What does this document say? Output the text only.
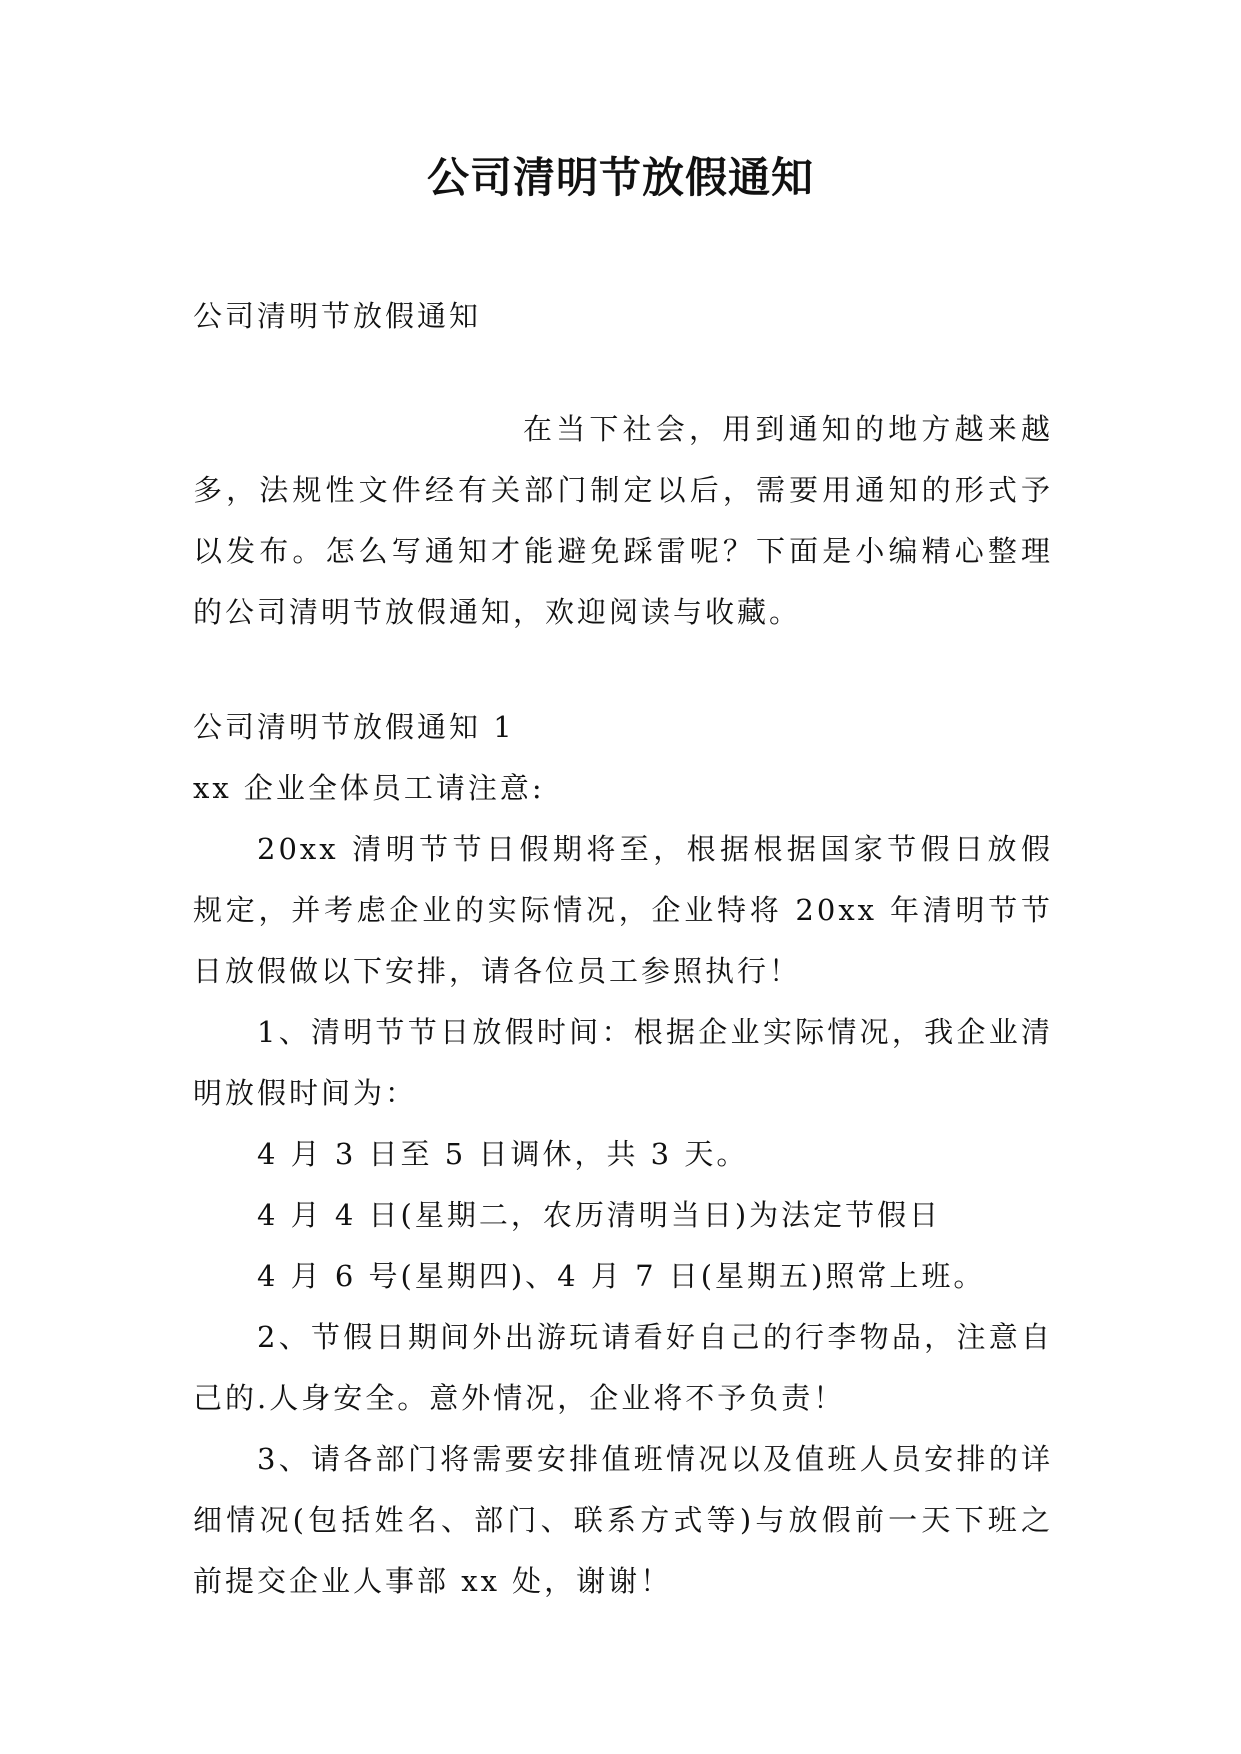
公司清明节放假通知

公司清明节放假通知

在当下社会，用到通知的地方越来越多，法规性文件经有关部门制定以后，需要用通知的形式予以发布。怎么写通知才能避免踩雷呢？下面是小编精心整理的公司清明节放假通知，欢迎阅读与收藏。

公司清明节放假通知 1

xx 企业全体员工请注意:

20xx 清明节节日假期将至，根据根据国家节假日放假规定，并考虑企业的实际情况，企业特将 20xx 年清明节节日放假做以下安排，请各位员工参照执行！

1、清明节节日放假时间：根据企业实际情况，我企业清明放假时间为：

4 月 3 日至 5 日调休，共 3 天。

4 月 4 日(星期二，农历清明当日)为法定节假日

4 月 6 号(星期四)、4 月 7 日(星期五)照常上班。

2、节假日期间外出游玩请看好自己的行李物品，注意自己的.人身安全。意外情况，企业将不予负责！

3、请各部门将需要安排值班情况以及值班人员安排的详细情况(包括姓名、部门、联系方式等)与放假前一天下班之前提交企业人事部 xx 处，谢谢！
